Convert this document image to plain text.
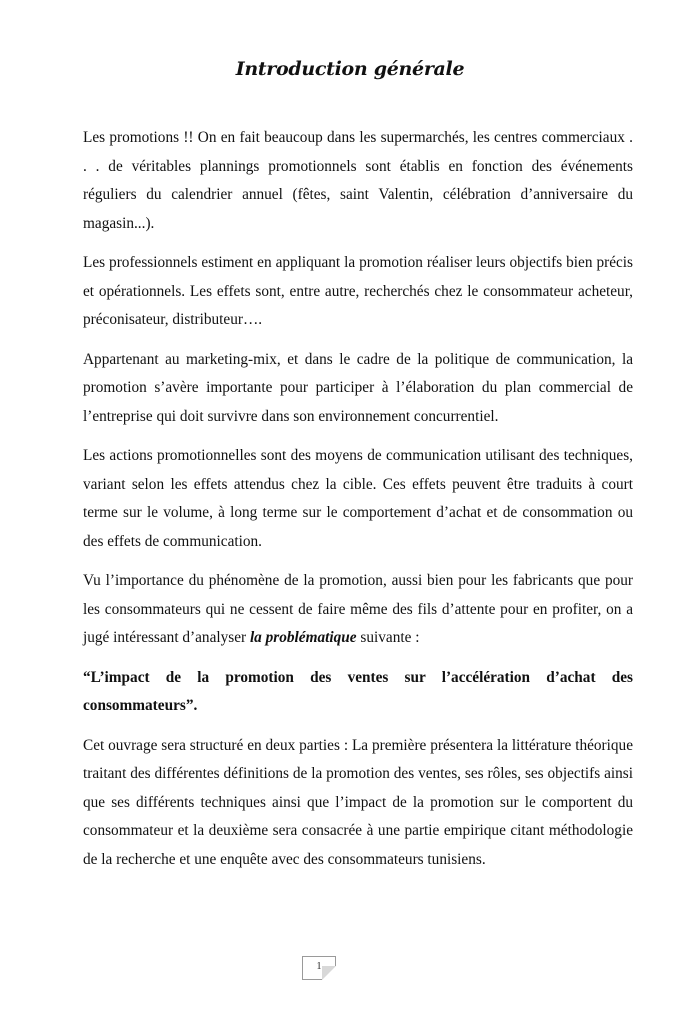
Introduction générale

Les promotions !! On en fait beaucoup dans les supermarchés, les centres commerciaux . . . de véritables plannings promotionnels sont établis en fonction des événements réguliers du calendrier annuel (fêtes, saint Valentin, célébration d’anniversaire du magasin...).

Les professionnels estiment en appliquant la promotion réaliser leurs objectifs bien précis et opérationnels. Les effets sont, entre autre, recherchés chez le consommateur acheteur, préconisateur, distributeur….

Appartenant au marketing-mix, et dans le cadre de la politique de communication, la promotion s’avère importante pour participer à l’élaboration du plan commercial de l’entreprise qui doit survivre dans son environnement concurrentiel.

Les actions promotionnelles sont des moyens de communication utilisant des techniques, variant selon les effets attendus chez la cible. Ces effets peuvent être traduits à court terme sur le volume, à long terme sur le comportement d’achat et de consommation ou des effets de communication.

Vu l’importance du phénomène de la promotion, aussi bien pour les fabricants que pour les consommateurs qui ne cessent de faire même des fils d’attente pour en profiter, on a jugé intéressant d’analyser la problématique suivante :

“L’impact de la promotion des ventes sur l’accélération d’achat des consommateurs”.

Cet ouvrage sera structuré en deux parties : La première présentera la littérature théorique traitant des différentes définitions de la promotion des ventes, ses rôles, ses objectifs ainsi que ses différents techniques ainsi que l’impact de la promotion sur le comportent du consommateur et la deuxième sera consacrée à une partie empirique citant méthodologie de la recherche et une enquête avec des consommateurs tunisiens.

1
